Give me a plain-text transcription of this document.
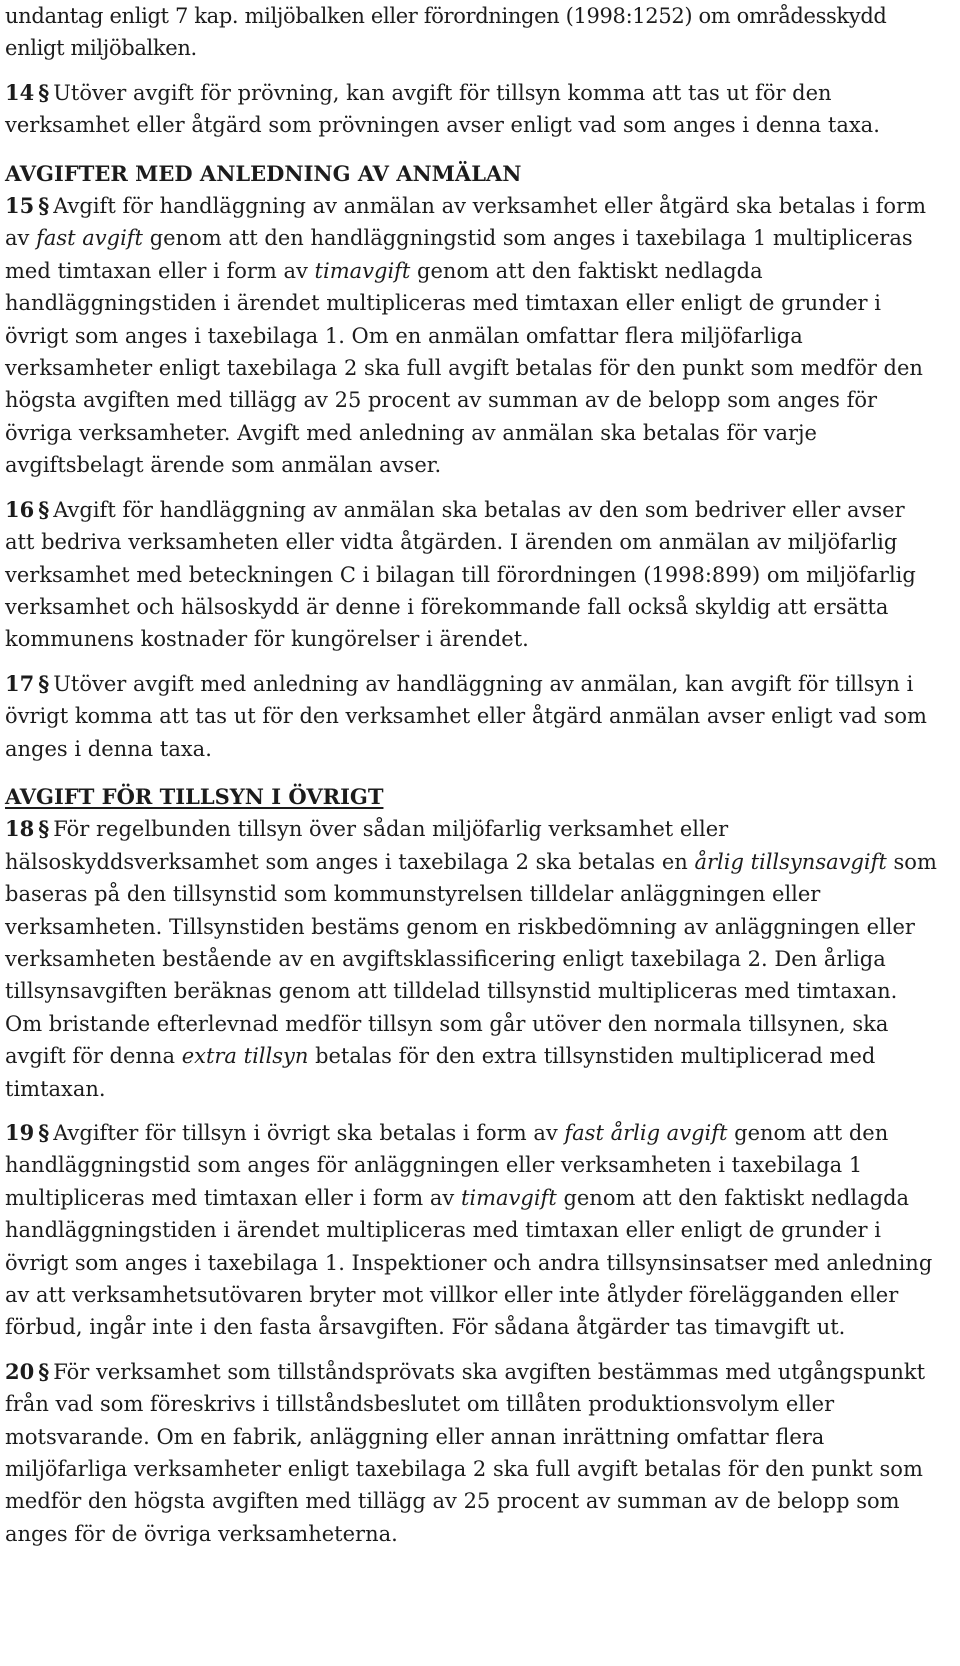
undantag enligt 7 kap. miljöbalken eller förordningen (1998:1252) om områdesskydd enligt miljöbalken.

14 § Utöver avgift för prövning, kan avgift för tillsyn komma att tas ut för den verksamhet eller åtgärd som prövningen avser enligt vad som anges i denna taxa.

AVGIFTER MED ANLEDNING AV ANMÄLAN

15 § Avgift för handläggning av anmälan av verksamhet eller åtgärd ska betalas i form av fast avgift genom att den handläggningstid som anges i taxebilaga 1 multipliceras med timtaxan eller i form av timavgift genom att den faktiskt nedlagda handläggningstiden i ärendet multipliceras med timtaxan eller enligt de grunder i övrigt som anges i taxebilaga 1. Om en anmälan omfattar flera miljöfarliga verksamheter enligt taxebilaga 2 ska full avgift betalas för den punkt som medför den högsta avgiften med tillägg av 25 procent av summan av de belopp som anges för övriga verksamheter. Avgift med anledning av anmälan ska betalas för varje avgiftsbelagt ärende som anmälan avser.

16 § Avgift för handläggning av anmälan ska betalas av den som bedriver eller avser att bedriva verksamheten eller vidta åtgärden. I ärenden om anmälan av miljöfarlig verksamhet med beteckningen C i bilagan till förordningen (1998:899) om miljöfarlig verksamhet och hälsoskydd är denne i förekommande fall också skyldig att ersätta kommunens kostnader för kungörelser i ärendet.

17 § Utöver avgift med anledning av handläggning av anmälan, kan avgift för tillsyn i övrigt komma att tas ut för den verksamhet eller åtgärd anmälan avser enligt vad som anges i denna taxa.

AVGIFT FÖR TILLSYN I ÖVRIGT

18 § För regelbunden tillsyn över sådan miljöfarlig verksamhet eller hälsoskyddsverksamhet som anges i taxebilaga 2 ska betalas en årlig tillsynsavgift som baseras på den tillsynstid som kommunstyrelsen tilldelar anläggningen eller verksamheten. Tillsynstiden bestäms genom en riskbedömning av anläggningen eller verksamheten bestående av en avgiftsklassificering enligt taxebilaga 2. Den årliga tillsynsavgiften beräknas genom att tilldelad tillsynstid multipliceras med timtaxan. Om bristande efterlevnad medför tillsyn som går utöver den normala tillsynen, ska avgift för denna extra tillsyn betalas för den extra tillsynstiden multiplicerad med timtaxan.

19 § Avgifter för tillsyn i övrigt ska betalas i form av fast årlig avgift genom att den handläggningstid som anges för anläggningen eller verksamheten i taxebilaga 1 multipliceras med timtaxan eller i form av timavgift genom att den faktiskt nedlagda handläggningstiden i ärendet multipliceras med timtaxan eller enligt de grunder i övrigt som anges i taxebilaga 1. Inspektioner och andra tillsynsinsatser med anledning av att verksamhetsutövaren bryter mot villkor eller inte åtlyder förelägganden eller förbud, ingår inte i den fasta årsavgiften. För sådana åtgärder tas timavgift ut.

20 § För verksamhet som tillståndsprövats ska avgiften bestämmas med utgångspunkt från vad som föreskrivs i tillståndsbeslutet om tillåten produktionsvolym eller motsvarande. Om en fabrik, anläggning eller annan inrättning omfattar flera miljöfarliga verksamheter enligt taxebilaga 2 ska full avgift betalas för den punkt som medför den högsta avgiften med tillägg av 25 procent av summan av de belopp som anges för de övriga verksamheterna.
